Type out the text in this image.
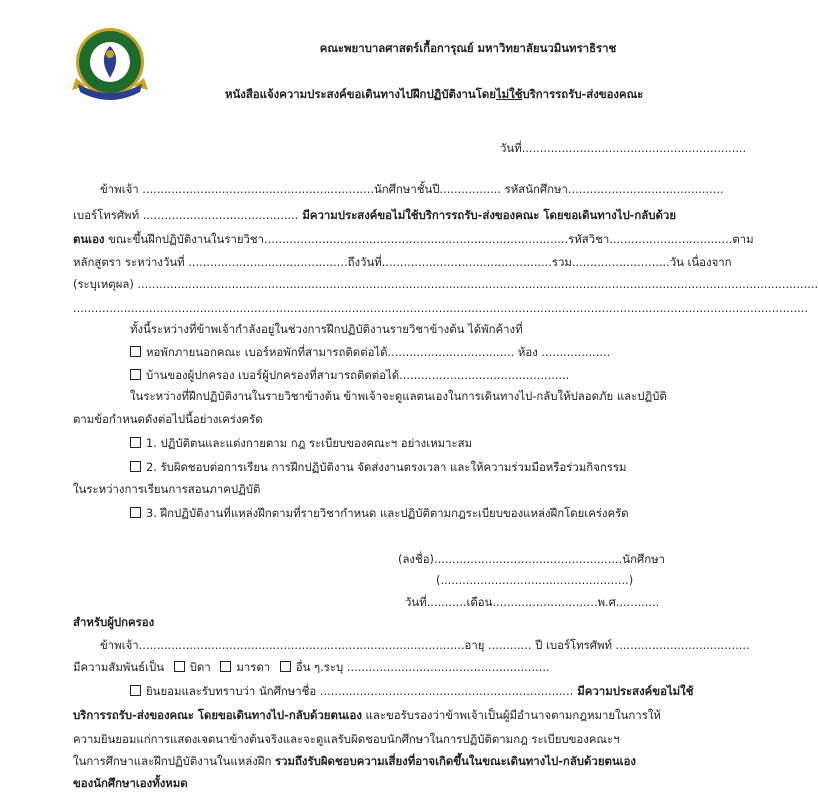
คณะพยาบาลศาสตร์เกื้อการุณย์ มหาวิทยาลัยนวมินทราธิราช
หนังสือแจ้งความประสงค์ขอเดินทางไปฝึกปฏิบัติงานโดยไม่ใช้บริการรถรับ-ส่งของคณะ
วันที่..............................................................
ข้าพเจ้า ................................................................นักศึกษาชั้นปี................. รหัสนักศึกษา...........................................
เบอร์โทรศัพท์ ........................................... มีความประสงค์ขอไม่ใช้บริการรถรับ-ส่งของคณะ โดยขอเดินทางไป-กลับด้วย
ตนเอง ขณะขึ้นฝึกปฏิบัติงานในรายวิชา....................................................................................รหัสวิชา..................................ตาม
หลักสูตรา ระหว่างวันที่ ............................................ถึงวันที่...............................................รวม...........................วัน เนื่องจาก
(ระบุเหตุผล) ............................................................................................................................................................................................
...........................................................................................................................................................................................................
ทั้งนี้ระหว่างที่ข้าพเจ้ากำลังอยู่ในช่วงการฝึกปฏิบัติงานรายวิชาข้างต้น ได้พักค้างที่
หอพักภายนอกคณะ เบอร์หอพักที่สามารถติดต่อได้................................... ห้อง ...................
บ้านของผู้ปกครอง เบอร์ผู้ปกครองที่สามารถติดต่อได้...............................................
ในระหว่างที่ฝึกปฏิบัติงานในรายวิชาข้างต้น ข้าพเจ้าจะดูแลตนเองในการเดินทางไป-กลับให้ปลอดภัย และปฏิบัติ
ตามข้อกำหนดดังต่อไปนี้อย่างเคร่งครัด
1. ปฏิบัติตนและแต่งกายตาม กฎ ระเบียบของคณะฯ อย่างเหมาะสม
2. รับผิดชอบต่อการเรียน การฝึกปฏิบัติงาน จัดส่งงานตรงเวลา และให้ความร่วมมือหรือร่วมกิจกรรม
ในระหว่างการเรียนการสอนภาคปฏิบัติ
3. ฝึกปฏิบัติงานที่แหล่งฝึกตามที่รายวิชากำหนด และปฏิบัติตามกฎระเบียบของแหล่งฝึกโดยเคร่งครัด
(ลงชื่อ)....................................................นักศึกษา
(....................................................)
วันที่...........เดือน.............................พ.ศ............
สำหรับผู้ปกครอง
ข้าพเจ้า..........................................................................................อายุ ............ ปี เบอร์โทรศัพท์ .....................................
มีความสัมพันธ์เป็น บิดา มารดา อื่น ๆ.ระบุ ........................................................
ยินยอมและรับทราบว่า นักศึกษาชื่อ ...................................................................... มีความประสงค์ขอไม่ใช้
บริการรถรับ-ส่งของคณะ โดยขอเดินทางไป-กลับด้วยตนเอง และขอรับรองว่าข้าพเจ้าเป็นผู้มีอำนาจตามกฎหมายในการให้
ความยินยอมแก่การแสดงเจตนาข้างต้นจริงและจะดูแลรับผิดชอบนักศึกษาในการปฏิบัติตามกฎ ระเบียบของคณะฯ
ในการศึกษาและฝึกปฏิบัติงานในแหล่งฝึก รวมถึงรับผิดชอบความเสี่ยงที่อาจเกิดขึ้นในขณะเดินทางไป-กลับด้วยตนเอง
ของนักศึกษาเองทั้งหมด
